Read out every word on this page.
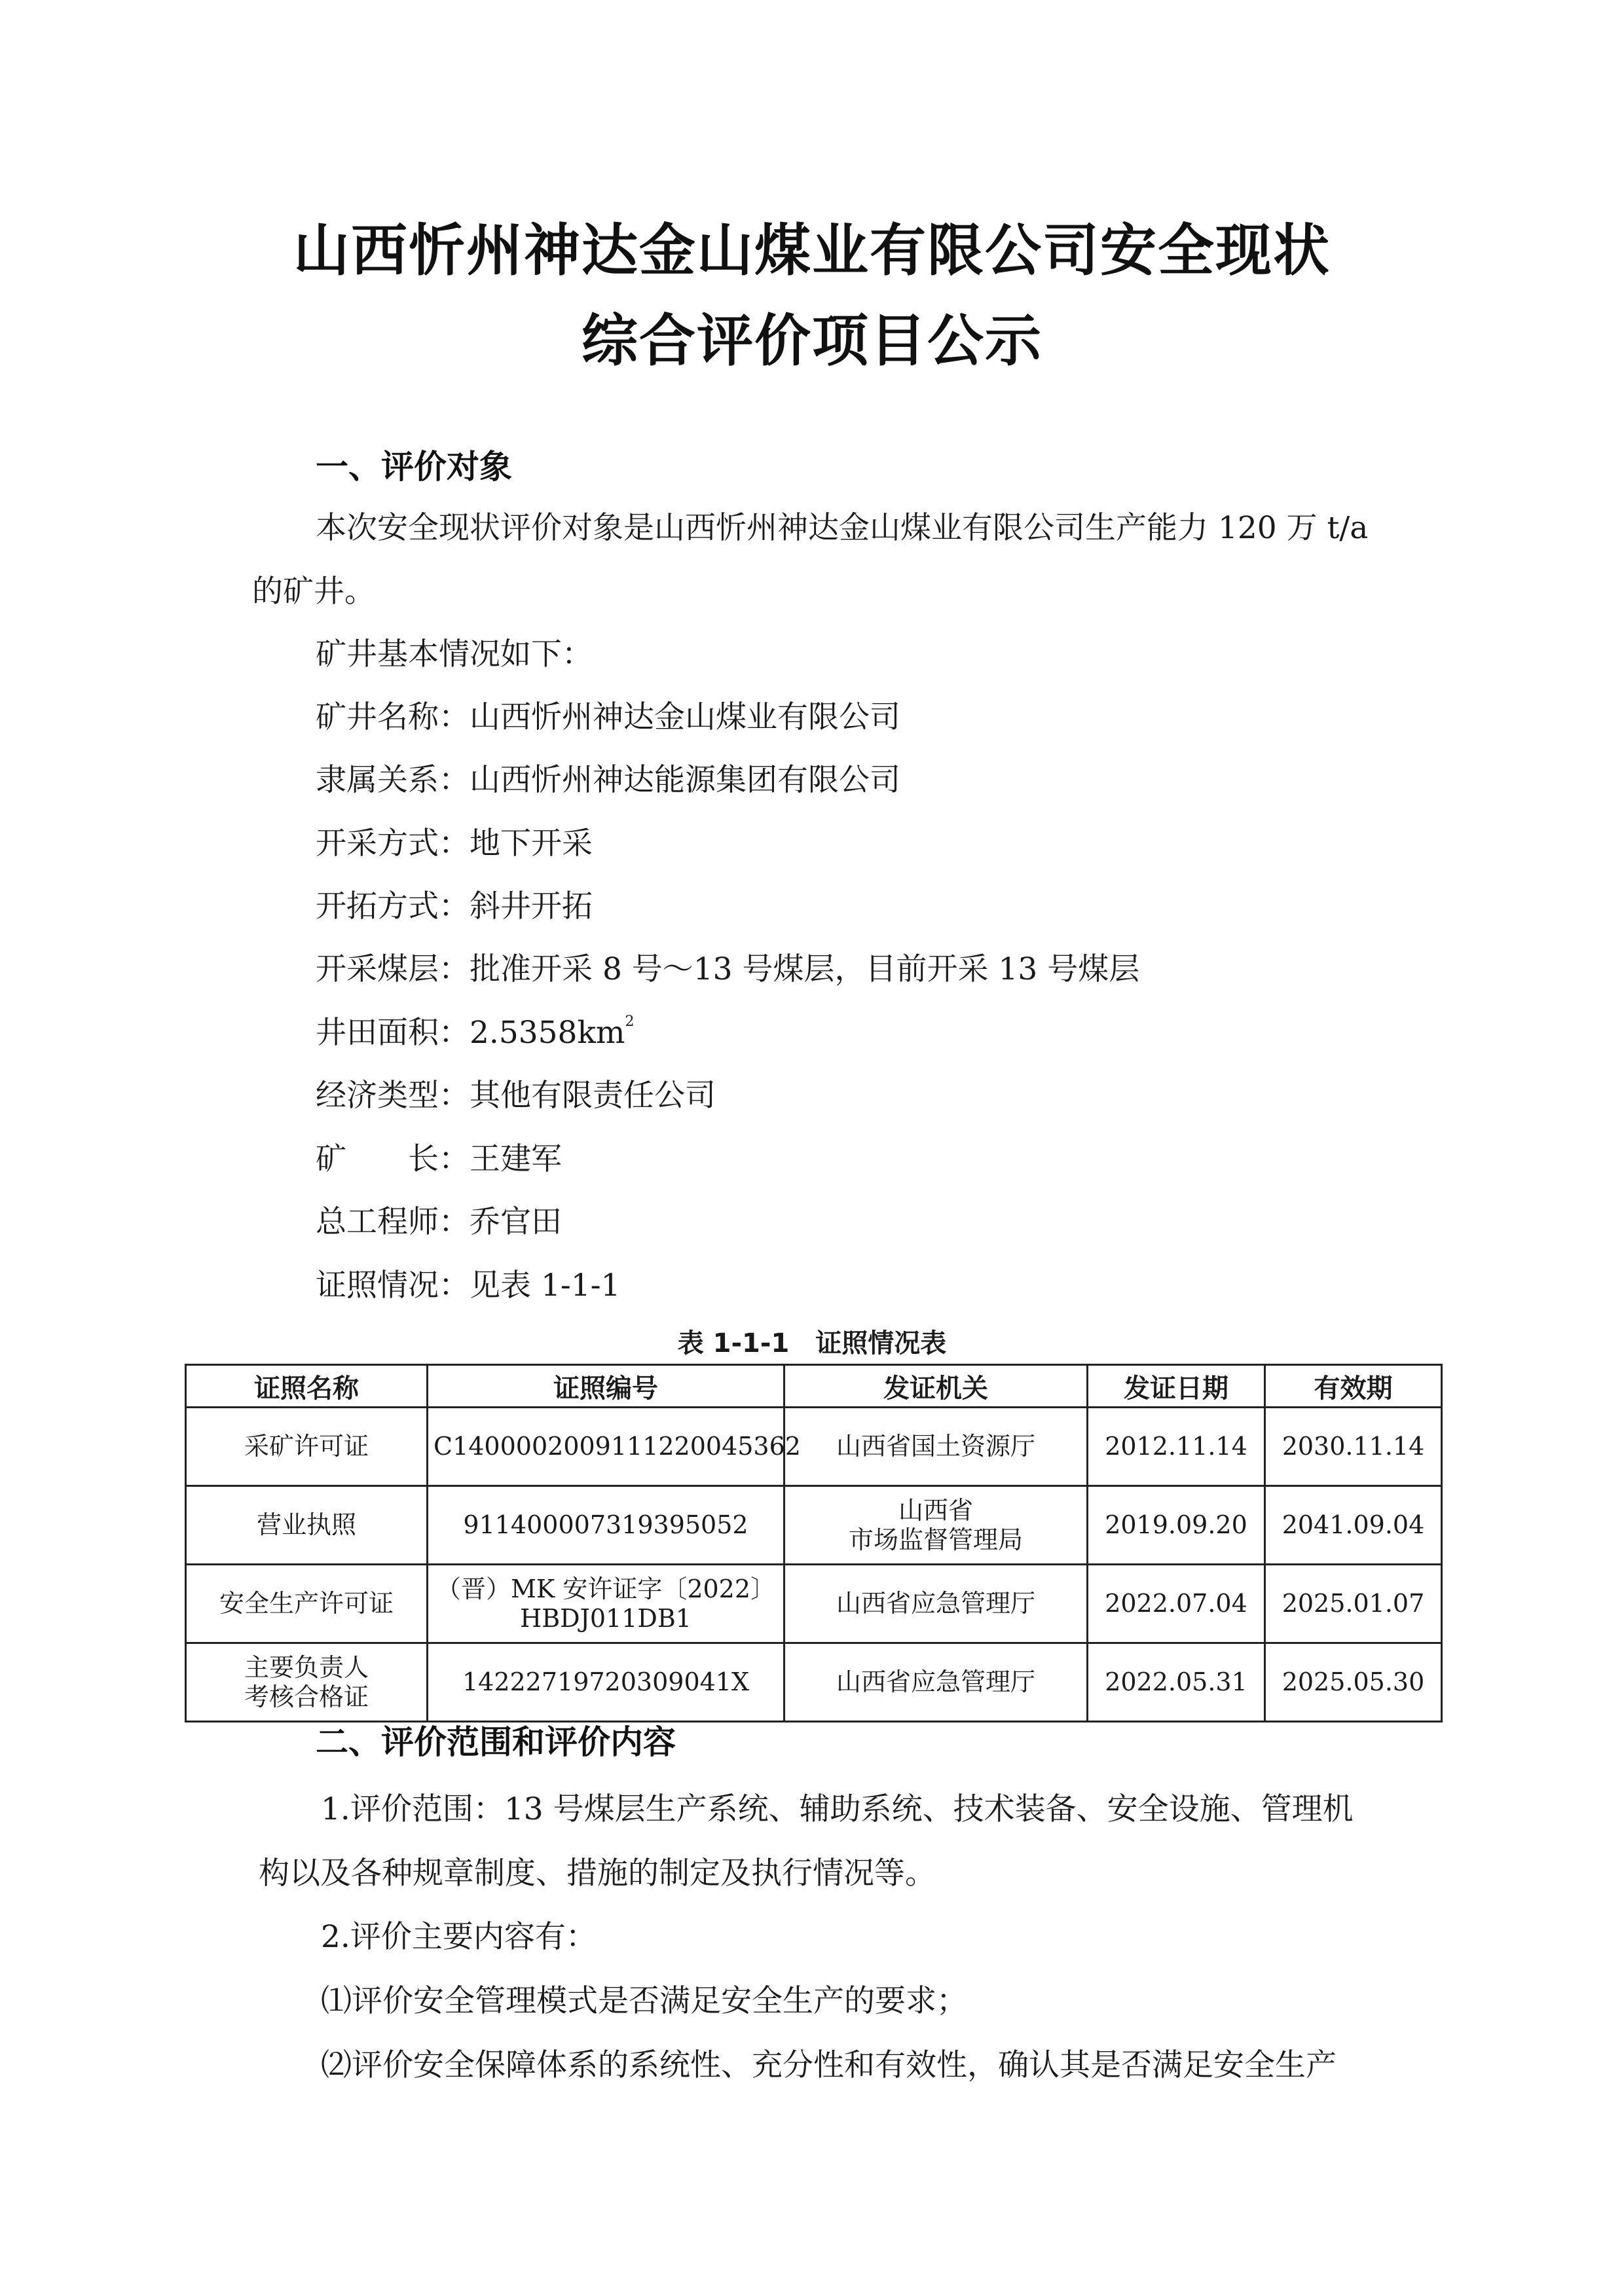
山西忻州神达金山煤业有限公司安全现状
综合评价项目公示
一、评价对象
本次安全现状评价对象是山西忻州神达金山煤业有限公司生产能力 120 万 t/a
的矿井。
矿井基本情况如下：
矿井名称：山西忻州神达金山煤业有限公司
隶属关系：山西忻州神达能源集团有限公司
开采方式：地下开采
开拓方式：斜井开拓
开采煤层：批准开采 8 号～13 号煤层，目前开采 13 号煤层
井田面积：$2.5358km^2$
经济类型：其他有限责任公司
矿　　长：王建军
总工程师：乔官田
证照情况：见表 1-1-1
表 1-1-1 证照情况表
证照名称	证照编号	发证机关	发证日期	有效期

采矿许可证	C1400002009111220045362	山西省国土资源厅	2012.11.14	2030.11.14

营业执照	911400007319395052	山西省
市场监督管理局	2019.09.20	2041.09.04

安全生产许可证	（晋）MK 安许证字〔2022〕
HBDJ011DB1	山西省应急管理厅	2022.07.04	2025.01.07

主要负责人
考核合格证	14222719720309041X	山西省应急管理厅	2022.05.31	2025.05.30
二、评价范围和评价内容
1.评价范围：13 号煤层生产系统、辅助系统、技术装备、安全设施、管理机
构以及各种规章制度、措施的制定及执行情况等。
2.评价主要内容有：
⑴评价安全管理模式是否满足安全生产的要求；
⑵评价安全保障体系的系统性、充分性和有效性，确认其是否满足安全生产
